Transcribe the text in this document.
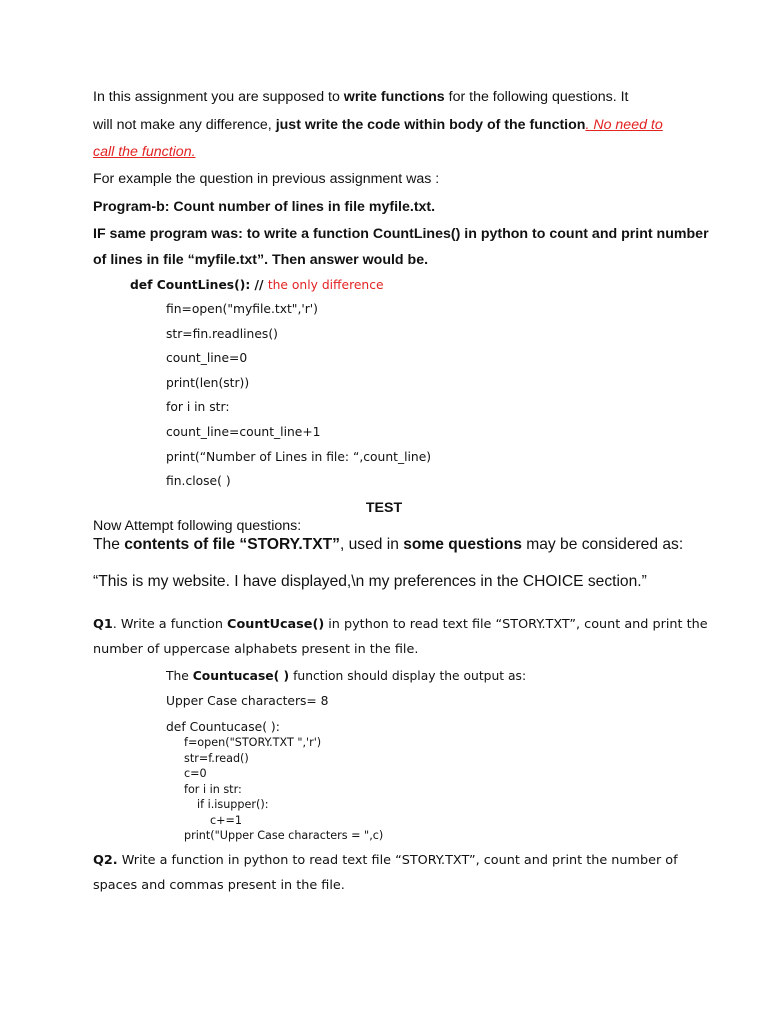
In this assignment you are supposed to write functions for the following questions. It
will not make any difference, just write the code within body of the function. No need to
call the function.
For example the question in previous assignment was :
Program-b: Count number of lines in file myfile.txt.
IF same program was: to write a function CountLines() in python to count and print number
of lines in file “myfile.txt”. Then answer would be.
def CountLines(): // the only difference
fin=open("myfile.txt",'r')
str=fin.readlines()
count_line=0
print(len(str))
for i in str:
count_line=count_line+1
print(“Number of Lines in file: “,count_line)
fin.close( )
TEST
Now Attempt following questions:
The contents of file “STORY.TXT”, used in some questions may be considered as:
“This is my website. I have displayed,\n my preferences in the CHOICE section.”
Q1. Write a function CountUcase() in python to read text file “STORY.TXT”, count and print the
number of uppercase alphabets present in the file.
The Countucase( ) function should display the output as:
Upper Case characters= 8
def Countucase( ):
f=open("STORY.TXT ",'r')
str=f.read()
c=0
for i in str:
if i.isupper():
c+=1
print("Upper Case characters = ",c)
Q2. Write a function in python to read text file “STORY.TXT”, count and print the number of
spaces and commas present in the file.
